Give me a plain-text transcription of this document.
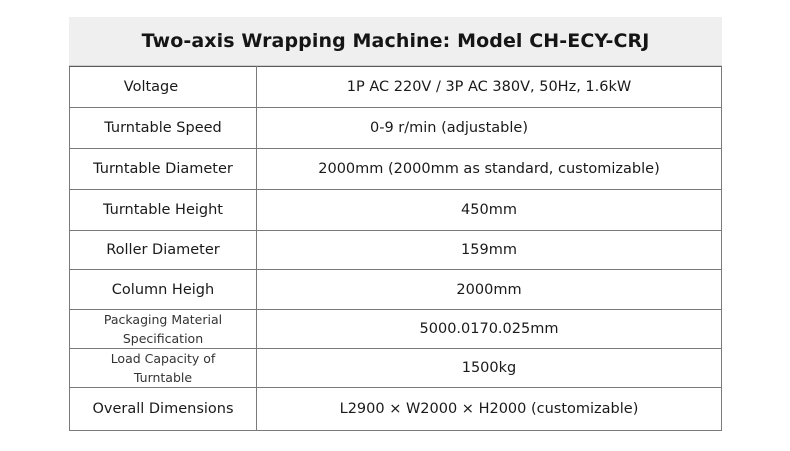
Two-axis Wrapping Machine: Model CH-ECY-CRJ
Voltage	1P AC 220V / 3P AC 380V, 50Hz, 1.6kW
Turntable Speed	0-9 r/min (adjustable)
Turntable Diameter	2000mm (2000mm as standard, customizable)
Turntable Height	450mm
Roller Diameter	159mm
Column Heigh	2000mm
Packaging Material
Specification	5000.0170.025mm
Load Capacity of
Turntable	1500kg
Overall Dimensions	L2900 × W2000 × H2000 (customizable)
